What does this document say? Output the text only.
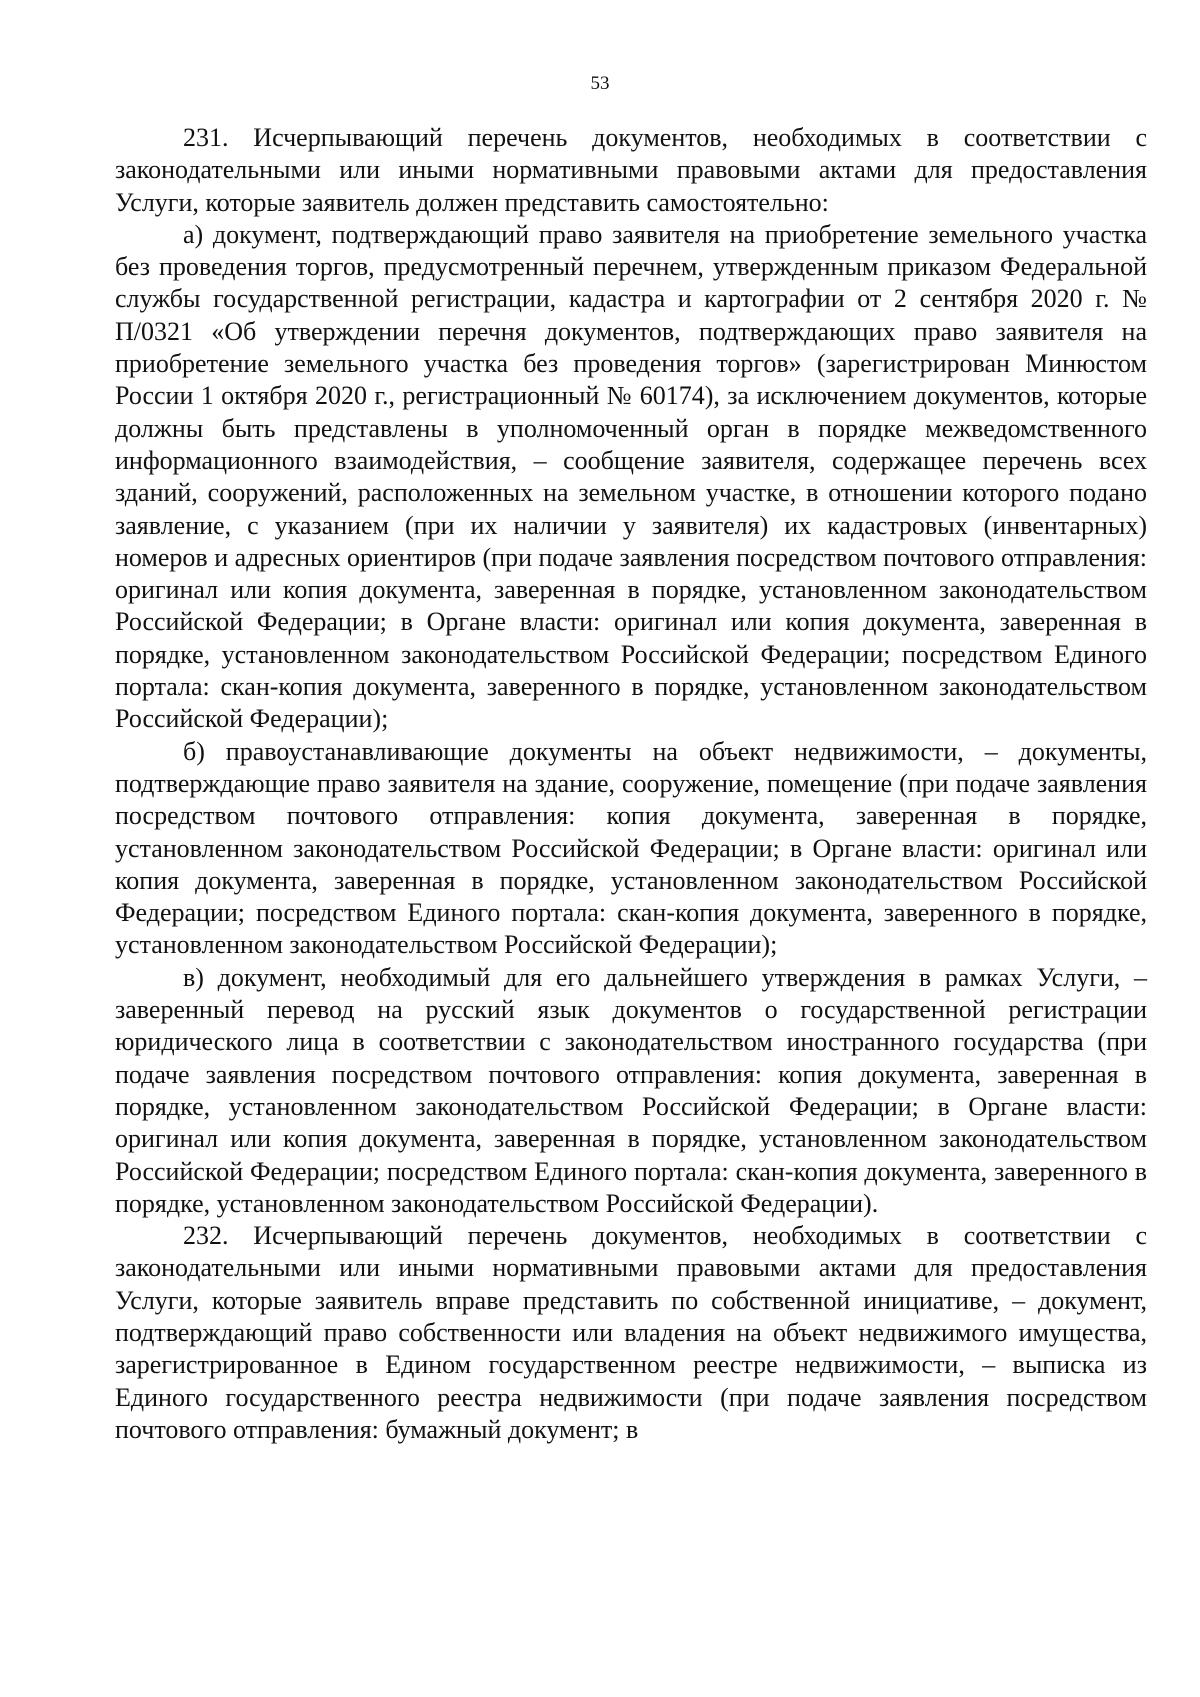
53

231. Исчерпывающий перечень документов, необходимых в соответствии с законодательными или иными нормативными правовыми актами для предоставления Услуги, которые заявитель должен представить самостоятельно:

а) документ, подтверждающий право заявителя на приобретение земельного участка без проведения торгов, предусмотренный перечнем, утвержденным приказом Федеральной службы государственной регистрации, кадастра и картографии от 2 сентября 2020 г. № П/0321 «Об утверждении перечня документов, подтверждающих право заявителя на приобретение земельного участка без проведения торгов» (зарегистрирован Минюстом России 1 октября 2020 г., регистрационный № 60174), за исключением документов, которые должны быть представлены в уполномоченный орган в порядке межведомственного информационного взаимодействия, – сообщение заявителя, содержащее перечень всех зданий, сооружений, расположенных на земельном участке, в отношении которого подано заявление, с указанием (при их наличии у заявителя) их кадастровых (инвентарных) номеров и адресных ориентиров (при подаче заявления посредством почтового отправления: оригинал или копия документа, заверенная в порядке, установленном законодательством Российской Федерации; в Органе власти: оригинал или копия документа, заверенная в порядке, установленном законодательством Российской Федерации; посредством Единого портала: скан-копия документа, заверенного в порядке, установленном законодательством Российской Федерации);

б) правоустанавливающие документы на объект недвижимости, – документы, подтверждающие право заявителя на здание, сооружение, помещение (при подаче заявления посредством почтового отправления: копия документа, заверенная в порядке, установленном законодательством Российской Федерации; в Органе власти: оригинал или копия документа, заверенная в порядке, установленном законодательством Российской Федерации; посредством Единого портала: скан-копия документа, заверенного в порядке, установленном законодательством Российской Федерации);

в) документ, необходимый для его дальнейшего утверждения в рамках Услуги, – заверенный перевод на русский язык документов о государственной регистрации юридического лица в соответствии с законодательством иностранного государства (при подаче заявления посредством почтового отправления: копия документа, заверенная в порядке, установленном законодательством Российской Федерации; в Органе власти: оригинал или копия документа, заверенная в порядке, установленном законодательством Российской Федерации; посредством Единого портала: скан-копия документа, заверенного в порядке, установленном законодательством Российской Федерации).

232. Исчерпывающий перечень документов, необходимых в соответствии с законодательными или иными нормативными правовыми актами для предоставления Услуги, которые заявитель вправе представить по собственной инициативе, – документ, подтверждающий право собственности или владения на объект недвижимого имущества, зарегистрированное в Едином государственном реестре недвижимости, – выписка из Единого государственного реестра недвижимости (при подаче заявления посредством почтового отправления: бумажный документ; в
